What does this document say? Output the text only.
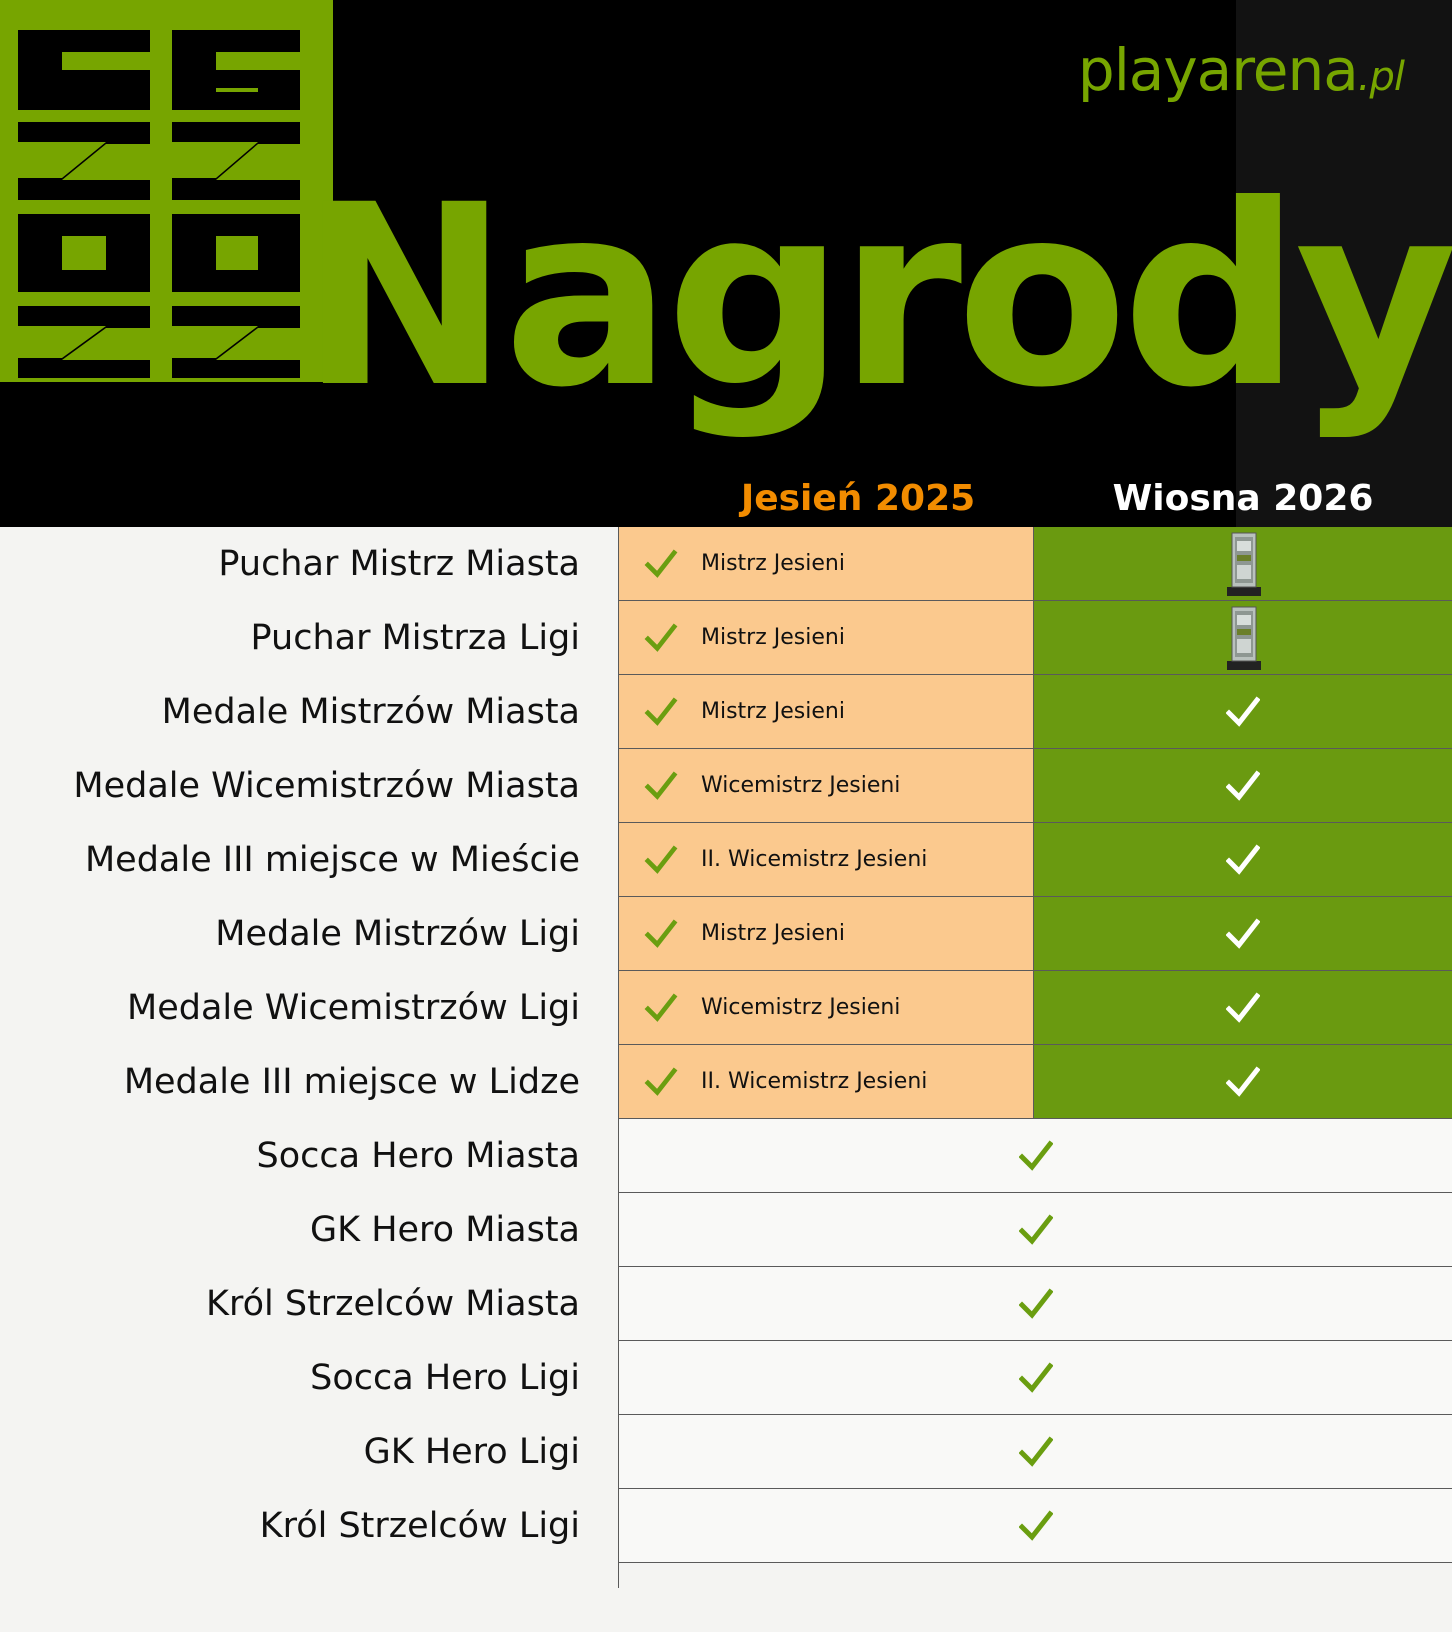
Nagrody
playarena.pl
Jesień 2025	Wiosna 2026
Puchar Mistrz Miasta
Puchar Mistrza Ligi
Medale Mistrzów Miasta
Medale Wicemistrzów Miasta
Medale III miejsce w Mieście
Medale Mistrzów Ligi
Medale Wicemistrzów Ligi
Medale III miejsce w Lidze
Socca Hero Miasta
GK Hero Miasta
Król Strzelców Miasta
Socca Hero Ligi
GK Hero Ligi
Król Strzelców Ligi
Mistrz Jesieni
Mistrz Jesieni
Mistrz Jesieni
Wicemistrz Jesieni
II. Wicemistrz Jesieni
Mistrz Jesieni
Wicemistrz Jesieni
II. Wicemistrz Jesieni
